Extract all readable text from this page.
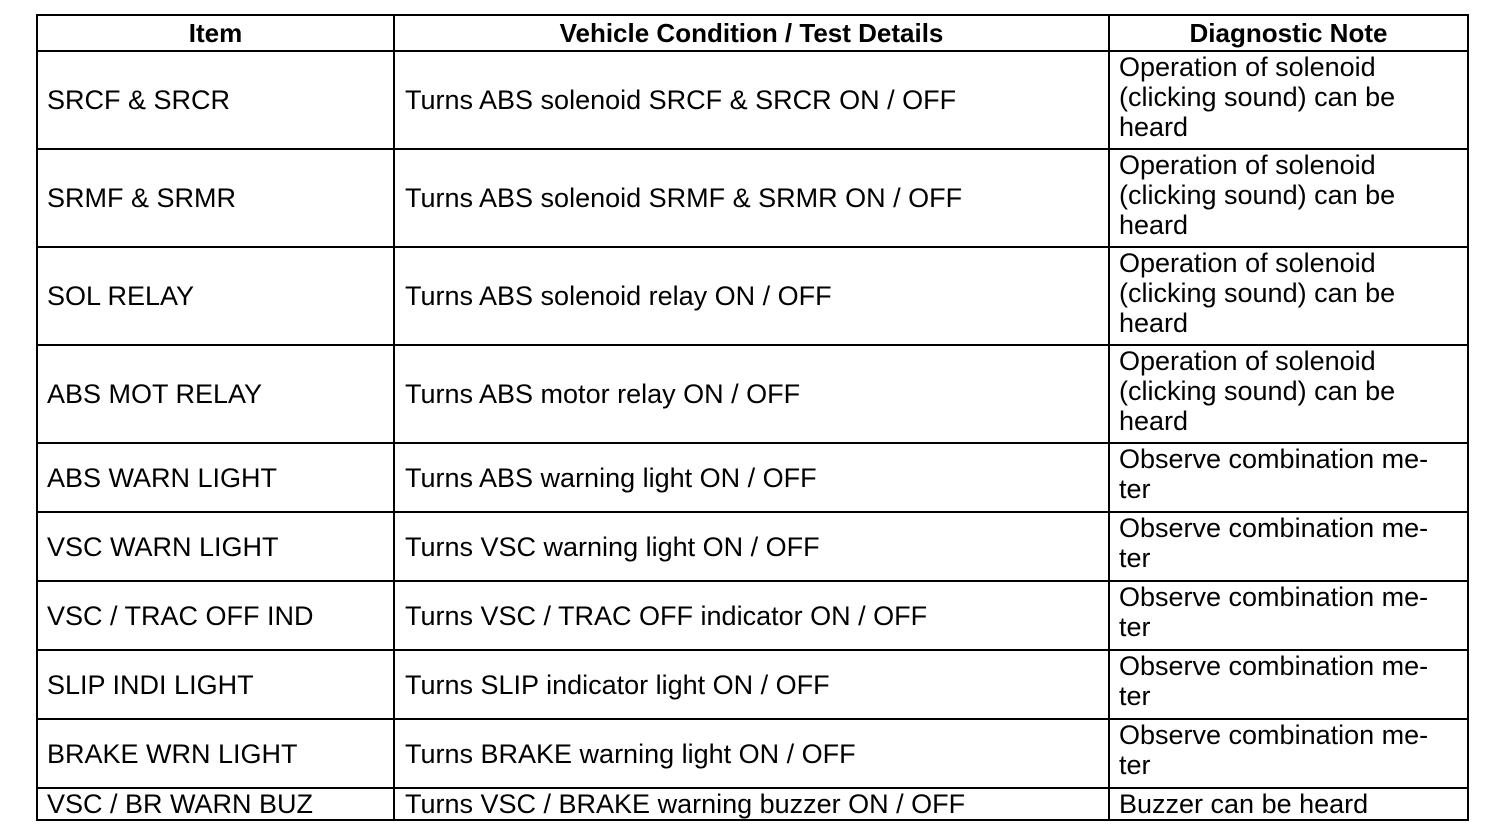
Item	Vehicle Condition / Test Details	Diagnostic Note
SRCF & SRCR	Turns ABS solenoid SRCF & SRCR ON / OFF	Operation of solenoid (clicking sound) can be heard
SRMF & SRMR	Turns ABS solenoid SRMF & SRMR ON / OFF	Operation of solenoid (clicking sound) can be heard
SOL RELAY	Turns ABS solenoid relay ON / OFF	Operation of solenoid (clicking sound) can be heard
ABS MOT RELAY	Turns ABS motor relay ON / OFF	Operation of solenoid (clicking sound) can be heard
ABS WARN LIGHT	Turns ABS warning light ON / OFF	Observe combination me-ter
VSC WARN LIGHT	Turns VSC warning light ON / OFF	Observe combination me-ter
VSC / TRAC OFF IND	Turns VSC / TRAC OFF indicator ON / OFF	Observe combination me-ter
SLIP INDI LIGHT	Turns SLIP indicator light ON / OFF	Observe combination me-ter
BRAKE WRN LIGHT	Turns BRAKE warning light ON / OFF	Observe combination me-ter
VSC / BR WARN BUZ	Turns VSC / BRAKE warning buzzer ON / OFF	Buzzer can be heard
